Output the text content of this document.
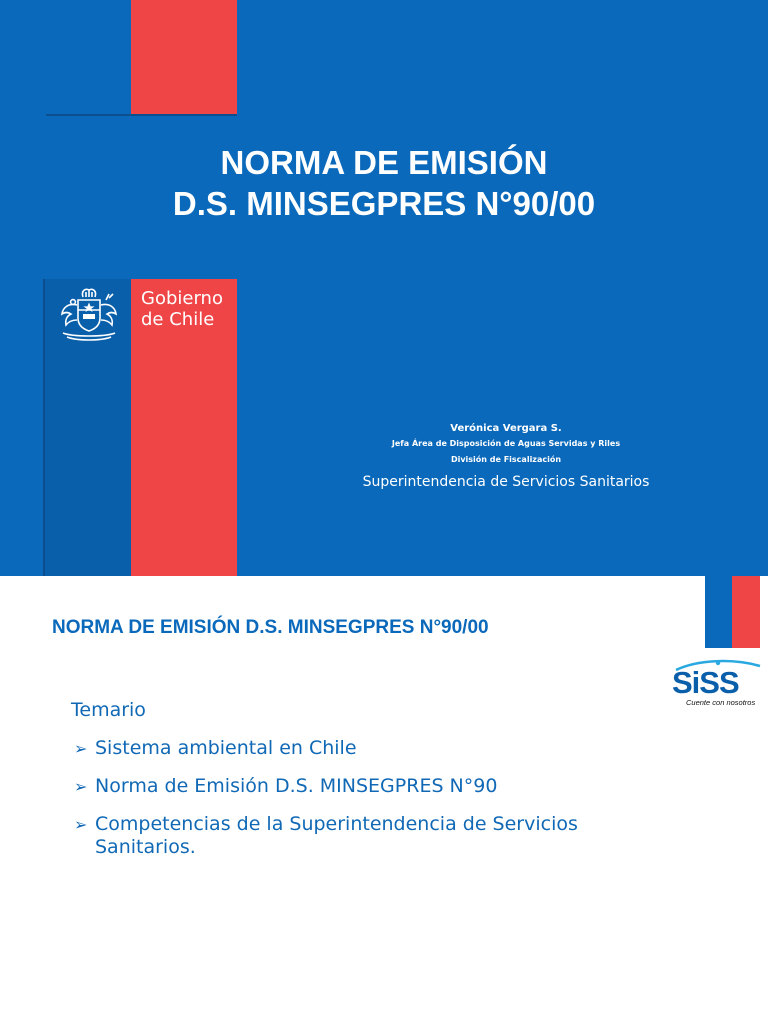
NORMA DE EMISIÓN
D.S. MINSEGPRES N°90/00
Gobierno
de Chile
Verónica Vergara S.
Jefa Área de Disposición de Aguas Servidas y Riles
División de Fiscalización
Superintendencia de Servicios Sanitarios
NORMA DE EMISIÓN D.S. MINSEGPRES N°90/00
SiSS
Cuente con nosotros
Temario
➢ Sistema ambiental en Chile
➢ Norma de Emisión D.S. MINSEGPRES N°90
➢ Competencias de la Superintendencia de Servicios Sanitarios.
